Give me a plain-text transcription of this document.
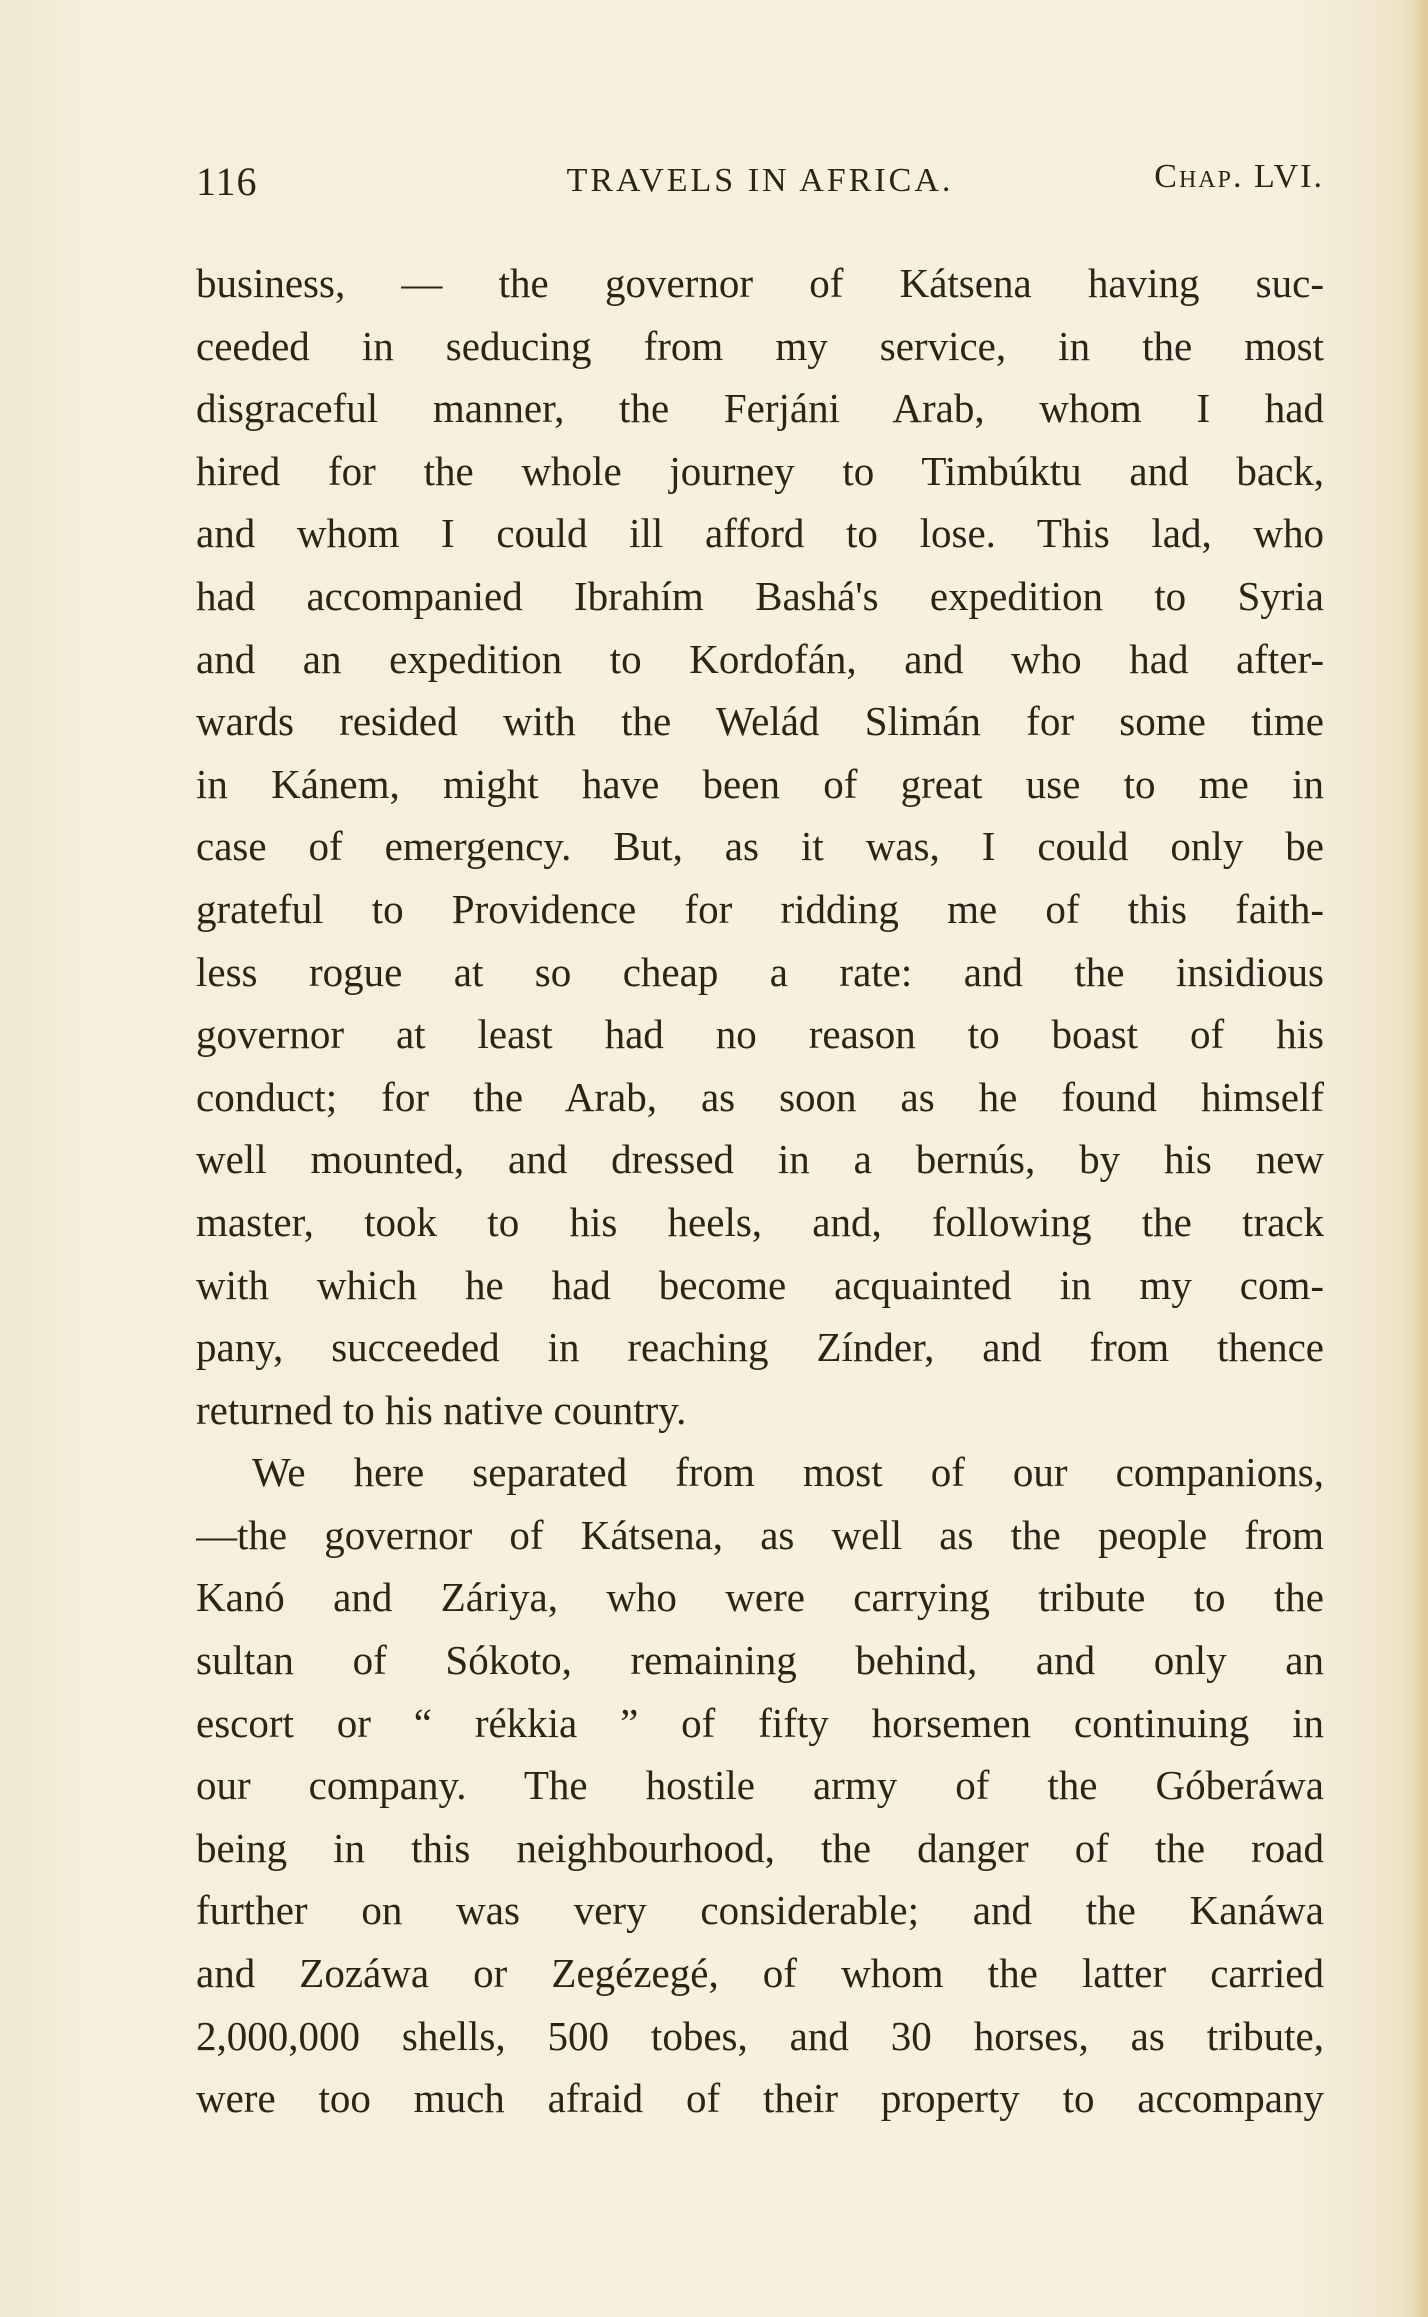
116	TRAVELS IN AFRICA.	Chap. LVI.
business, — the governor of Kátsena having suc-
ceeded in seducing from my service, in the most
disgraceful manner, the Ferjáni Arab, whom I had
hired for the whole journey to Timbúktu and back,
and whom I could ill afford to lose. This lad, who
had accompanied Ibrahím Bashá's expedition to Syria
and an expedition to Kordofán, and who had after-
wards resided with the Welád Slimán for some time
in Kánem, might have been of great use to me in
case of emergency. But, as it was, I could only be
grateful to Providence for ridding me of this faith-
less rogue at so cheap a rate: and the insidious
governor at least had no reason to boast of his
conduct; for the Arab, as soon as he found himself
well mounted, and dressed in a bernús, by his new
master, took to his heels, and, following the track
with which he had become acquainted in my com-
pany, succeeded in reaching Zínder, and from thence
returned to his native country.
We here separated from most of our companions,
—the governor of Kátsena, as well as the people from
Kanó and Záriya, who were carrying tribute to the
sultan of Sókoto, remaining behind, and only an
escort or “ rékkia ” of fifty horsemen continuing in
our company. The hostile army of the Góberáwa
being in this neighbourhood, the danger of the road
further on was very considerable; and the Kanáwa
and Zozáwa or Zegézegé, of whom the latter carried
2,000,000 shells, 500 tobes, and 30 horses, as tribute,
were too much afraid of their property to accompany
